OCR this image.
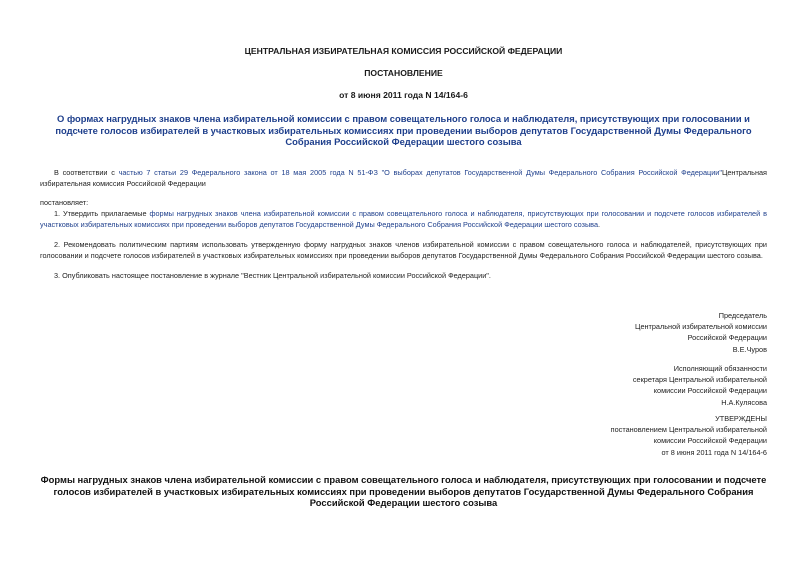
ЦЕНТРАЛЬНАЯ ИЗБИРАТЕЛЬНАЯ КОМИССИЯ РОССИЙСКОЙ ФЕДЕРАЦИИ
ПОСТАНОВЛЕНИЕ
от 8 июня 2011 года N 14/164-6
О формах нагрудных знаков члена избирательной комиссии с правом совещательного голоса и наблюдателя, присутствующих при голосовании и подсчете голосов избирателей в участковых избирательных комиссиях при проведении выборов депутатов Государственной Думы Федерального Собрания Российской Федерации шестого созыва
В соответствии с частью 7 статьи 29 Федерального закона от 18 мая 2005 года N 51-ФЗ "О выборах депутатов Государственной Думы Федерального Собрания Российской Федерации"Центральная избирательная комиссия Российской Федерации
постановляет:
1. Утвердить прилагаемые формы нагрудных знаков члена избирательной комиссии с правом совещательного голоса и наблюдателя, присутствующих при голосовании и подсчете голосов избирателей в участковых избирательных комиссиях при проведении выборов депутатов Государственной Думы Федерального Собрания Российской Федерации шестого созыва.
2. Рекомендовать политическим партиям использовать утвержденную форму нагрудных знаков членов избирательной комиссии с правом совещательного голоса и наблюдателей, присутствующих при голосовании и подсчете голосов избирателей в участковых избирательных комиссиях при проведении выборов депутатов Государственной Думы Федерального Собрания Российской Федерации шестого созыва.
3. Опубликовать настоящее постановление в журнале "Вестник Центральной избирательной комиссии Российской Федерации".
Председатель
Центральной избирательной комиссии
Российской Федерации
В.Е.Чуров
Исполняющий обязанности
секретаря Центральной избирательной
комиссии Российской Федерации
Н.А.Кулясова
УТВЕРЖДЕНЫ
постановлением Центральной избирательной
комиссии Российской Федерации
от 8 июня 2011 года N 14/164-6
Формы нагрудных знаков члена избирательной комиссии с правом совещательного голоса и наблюдателя, присутствующих при голосовании и подсчете голосов избирателей в участковых избирательных комиссиях при проведении выборов депутатов Государственной Думы Федерального Собрания Российской Федерации шестого созыва
